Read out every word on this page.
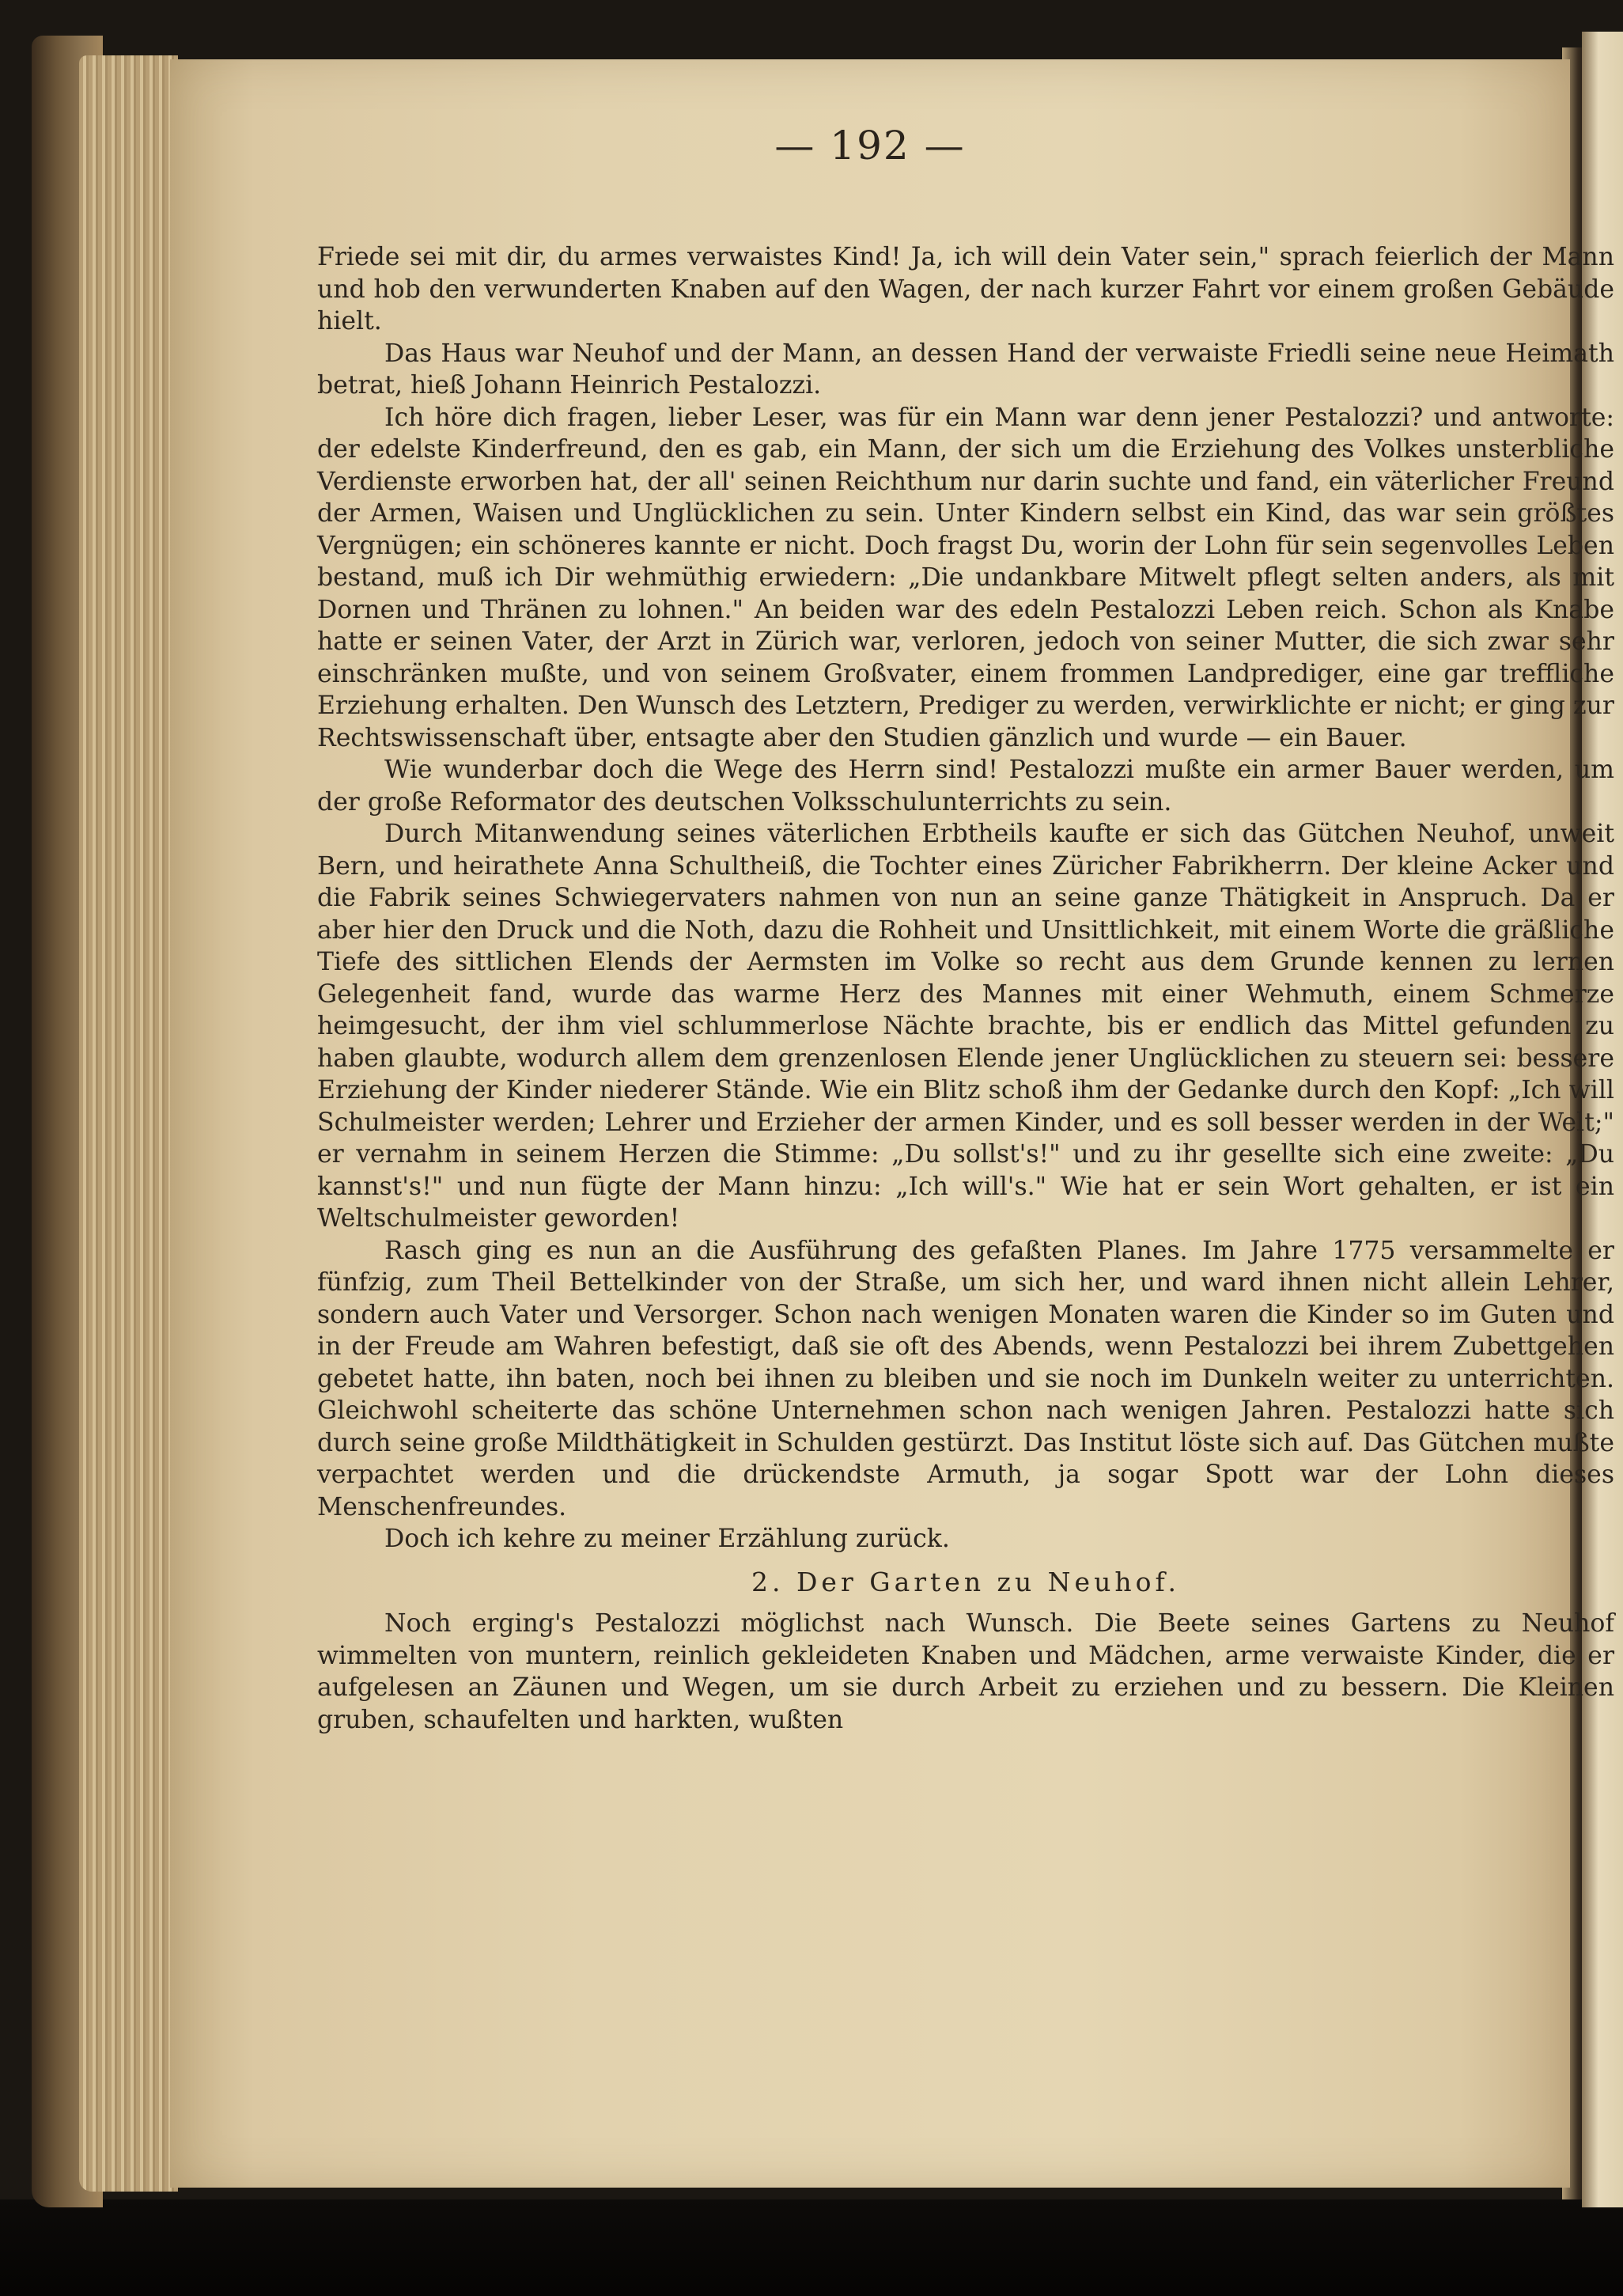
— 192 —

Friede sei mit dir, du armes verwaistes Kind! Ja, ich will dein Vater sein," sprach feierlich der Mann und hob den verwunderten Knaben auf den Wagen, der nach kurzer Fahrt vor einem großen Gebäude hielt.

Das Haus war Neuhof und der Mann, an dessen Hand der verwaiste Friedli seine neue Heimath betrat, hieß Johann Heinrich Pestalozzi.

Ich höre dich fragen, lieber Leser, was für ein Mann war denn jener Pestalozzi? und antworte: der edelste Kinderfreund, den es gab, ein Mann, der sich um die Erziehung des Volkes unsterbliche Verdienste erworben hat, der all' seinen Reichthum nur darin suchte und fand, ein väterlicher Freund der Armen, Waisen und Unglücklichen zu sein. Unter Kindern selbst ein Kind, das war sein größtes Vergnügen; ein schöneres kannte er nicht. Doch fragst Du, worin der Lohn für sein segenvolles Leben bestand, muß ich Dir wehmüthig erwiedern: „Die undankbare Mitwelt pflegt selten anders, als mit Dornen und Thränen zu lohnen." An beiden war des edeln Pestalozzi Leben reich. Schon als Knabe hatte er seinen Vater, der Arzt in Zürich war, verloren, jedoch von seiner Mutter, die sich zwar sehr einschränken mußte, und von seinem Großvater, einem frommen Landprediger, eine gar treffliche Erziehung erhalten. Den Wunsch des Letztern, Prediger zu werden, verwirklichte er nicht; er ging zur Rechtswissenschaft über, entsagte aber den Studien gänzlich und wurde — ein Bauer.

Wie wunderbar doch die Wege des Herrn sind! Pestalozzi mußte ein armer Bauer werden, um der große Reformator des deutschen Volksschulunterrichts zu sein.

Durch Mitanwendung seines väterlichen Erbtheils kaufte er sich das Gütchen Neuhof, unweit Bern, und heirathete Anna Schultheiß, die Tochter eines Züricher Fabrikherrn. Der kleine Acker und die Fabrik seines Schwiegervaters nahmen von nun an seine ganze Thätigkeit in Anspruch. Da er aber hier den Druck und die Noth, dazu die Rohheit und Unsittlichkeit, mit einem Worte die gräßliche Tiefe des sittlichen Elends der Aermsten im Volke so recht aus dem Grunde kennen zu lernen Gelegenheit fand, wurde das warme Herz des Mannes mit einer Wehmuth, einem Schmerze heimgesucht, der ihm viel schlummerlose Nächte brachte, bis er endlich das Mittel gefunden zu haben glaubte, wodurch allem dem grenzenlosen Elende jener Unglücklichen zu steuern sei: bessere Erziehung der Kinder niederer Stände. Wie ein Blitz schoß ihm der Gedanke durch den Kopf: „Ich will Schulmeister werden; Lehrer und Erzieher der armen Kinder, und es soll besser werden in der Welt;" er vernahm in seinem Herzen die Stimme: „Du sollst's!" und zu ihr gesellte sich eine zweite: „Du kannst's!" und nun fügte der Mann hinzu: „Ich will's." Wie hat er sein Wort gehalten, er ist ein Weltschulmeister geworden!

Rasch ging es nun an die Ausführung des gefaßten Planes. Im Jahre 1775 versammelte er fünfzig, zum Theil Bettelkinder von der Straße, um sich her, und ward ihnen nicht allein Lehrer, sondern auch Vater und Versorger. Schon nach wenigen Monaten waren die Kinder so im Guten und in der Freude am Wahren befestigt, daß sie oft des Abends, wenn Pestalozzi bei ihrem Zubettgehen gebetet hatte, ihn baten, noch bei ihnen zu bleiben und sie noch im Dunkeln weiter zu unterrichten. Gleichwohl scheiterte das schöne Unternehmen schon nach wenigen Jahren. Pestalozzi hatte sich durch seine große Mildthätigkeit in Schulden gestürzt. Das Institut löste sich auf. Das Gütchen mußte verpachtet werden und die drückendste Armuth, ja sogar Spott war der Lohn dieses Menschenfreundes.

Doch ich kehre zu meiner Erzählung zurück.

2. Der Garten zu Neuhof.

Noch erging's Pestalozzi möglichst nach Wunsch. Die Beete seines Gartens zu Neuhof wimmelten von muntern, reinlich gekleideten Knaben und Mädchen, arme verwaiste Kinder, die er aufgelesen an Zäunen und Wegen, um sie durch Arbeit zu erziehen und zu bessern. Die Kleinen gruben, schaufelten und harkten, wußten
